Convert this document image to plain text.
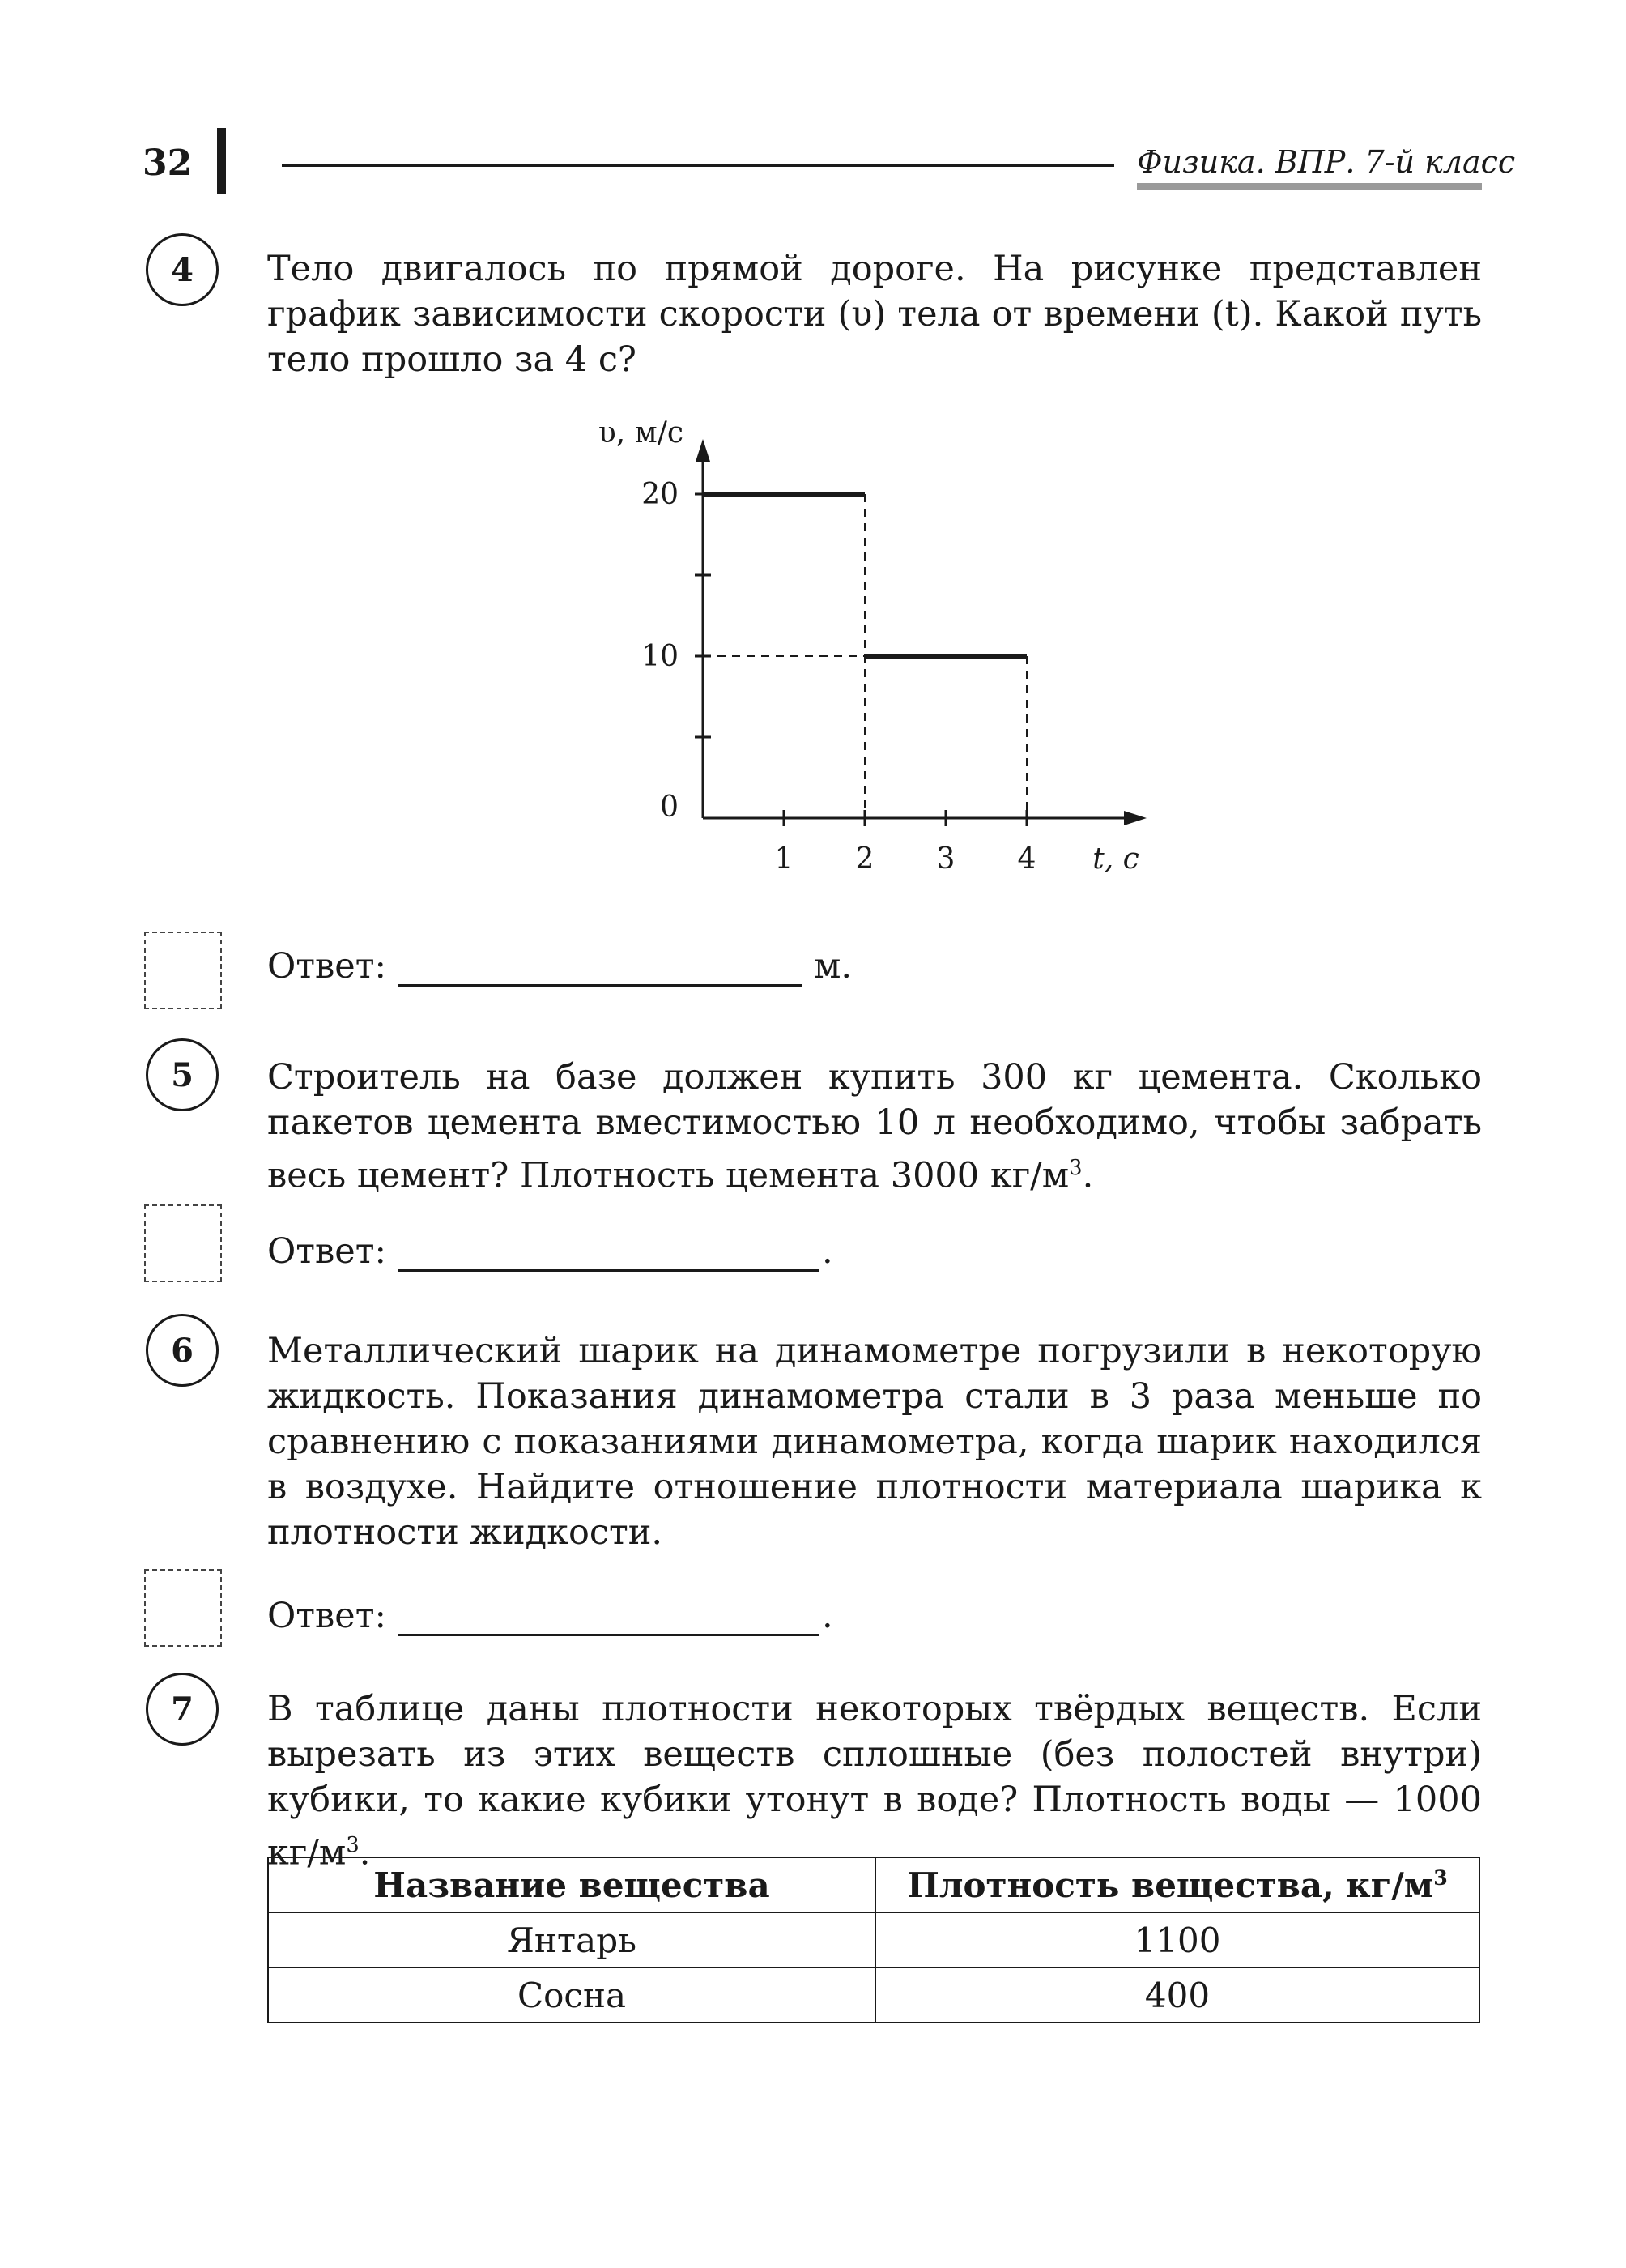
32	Физика. ВПР. 7-й класс
4	Тело двигалось по прямой дороге. На рисунке представлен график зависимости скорости (υ) тела от времени (t). Какой путь тело прошло за 4 с?
1 2 3 4
0
10
20
υ, м/с
t, с
Ответ:	м.
5	Строитель на базе должен купить 300 кг цемента. Сколько пакетов цемента вместимостью 10 л необходимо, чтобы забрать весь цемент? Плотность цемента 3000 $кг/м^3$.
Ответ:	.
6	Металлический шарик на динамометре погрузили в некоторую жидкость. Показания динамометра стали в 3 раза меньше по сравнению с показаниями динамометра, когда шарик находился в воздухе. Найдите отношение плотности материала шарика к плотности жидкости.
Ответ:	.
7	В таблице даны плотности некоторых твёрдых веществ. Если вырезать из этих веществ сплошные (без полостей внутри) кубики, то какие кубики утонут в воде? Плотность воды — 1000 $кг/м^3$.
Название вещества	Плотность вещества, $кг/м^3$
Янтарь	1100
Сосна	400
